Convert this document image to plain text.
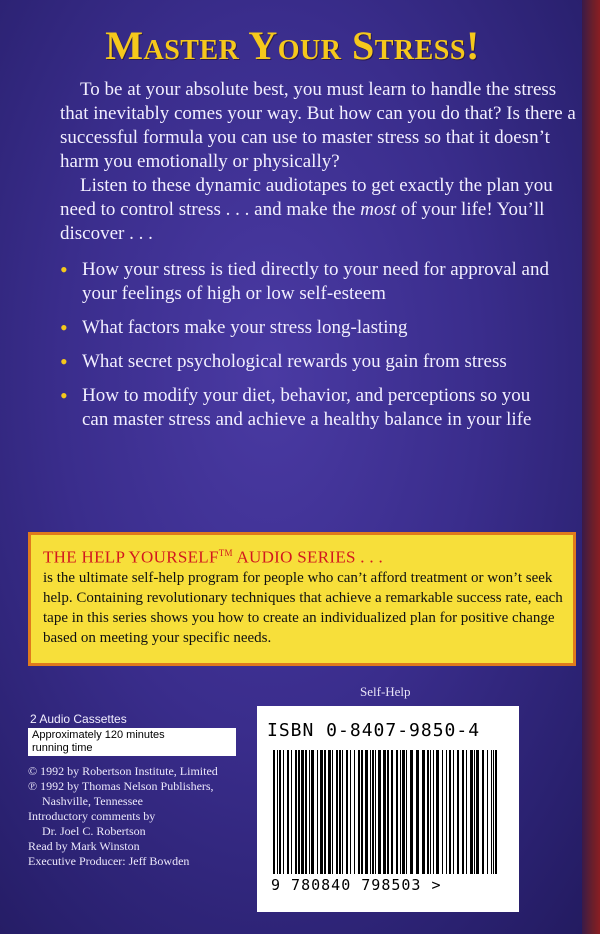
Master Your Stress!

To be at your absolute best, you must learn to handle the stress that inevitably comes your way. But how can you do that? Is there a successful formula you can use to master stress so that it doesn’t harm you emotionally or physically?

Listen to these dynamic audiotapes to get exactly the plan you need to control stress . . . and make the most of your life! You’ll discover . . .

• How your stress is tied directly to your need for approval and your feelings of high or low self-esteem
• What factors make your stress long-lasting
• What secret psychological rewards you gain from stress
• How to modify your diet, behavior, and perceptions so you can master stress and achieve a healthy balance in your life
THE HELP YOURSELF™ AUDIO SERIES . . .
is the ultimate self-help program for people who can’t afford treatment or won’t seek help. Containing revolutionary techniques that achieve a remarkable success rate, each tape in this series shows you how to create an individualized plan for positive change based on meeting your specific needs.
Self-Help
ISBN 0-8407-9850-4
9 780840 798503 >
2 Audio Cassettes
Approximately 120 minutes
running time
© 1992 by Robertson Institute, Limited
℗ 1992 by Thomas Nelson Publishers,
Nashville, Tennessee
Introductory comments by
Dr. Joel C. Robertson
Read by Mark Winston
Executive Producer: Jeff Bowden
